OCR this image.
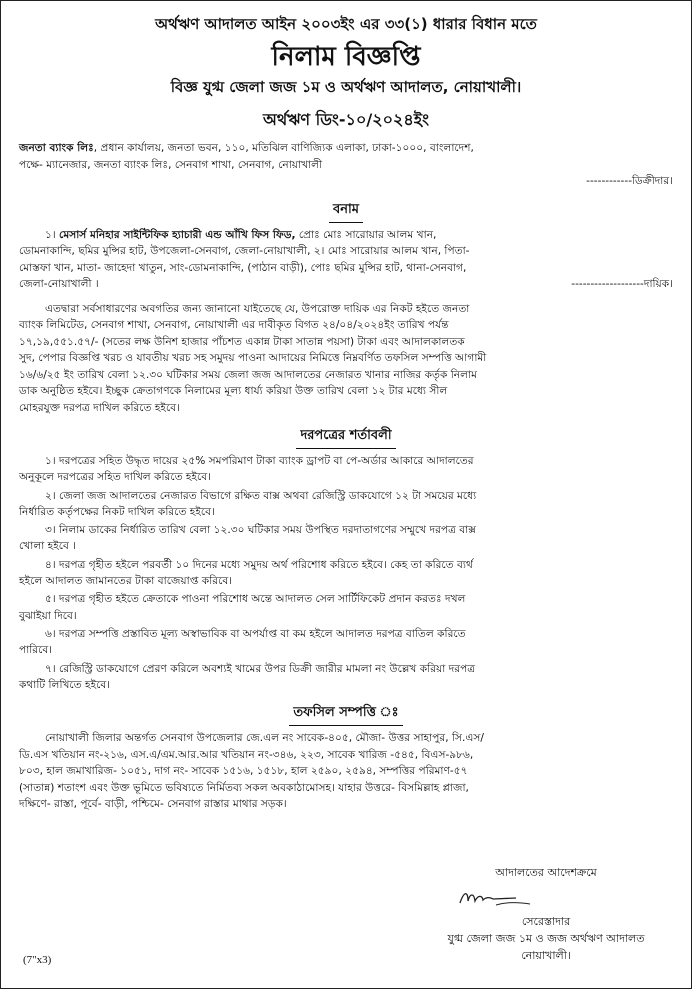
অর্থঋণ আদালত আইন ২০০৩ইং এর ৩৩(১) ধারার বিধান মতে
নিলাম বিজ্ঞপ্তি
বিজ্ঞ যুগ্ম জেলা জজ ১ম ও অর্থঋণ আদালত, নোয়াখালী।
অর্থঋণ ডিং-১০/২০২৪ইং
জনতা ব্যাংক লিঃ, প্রধান কার্যালয়, জনতা ভবন, ১১০, মতিঝিল বাণিজ্যিক এলাকা, ঢাকা-১০০০, বাংলাদেশ,
পক্ষে- ম্যানেজার, জনতা ব্যাংক লিঃ, সেনবাগ শাখা, সেনবাগ, নোয়াখালী
------------ডিক্রীদার।
বনাম
১। মেসার্স মনিহার সাইন্টিফিক হ্যাচারী এন্ড আঁখি ফিস ফিড, প্রোঃ মোঃ সারোয়ার আলম খান,
ডোমনাকান্দি, ছমির মুন্সির হাট, উপজেলা-সেনবাগ, জেলা-নোয়াখালী, ২। মোঃ সারোয়ার আলম খান, পিতা-
মোস্তফা খান, মাতা- জাহেদা খাতুন, সাং-ডোমনাকান্দি, (পাঠান বাড়ী), পোঃ ছমির মুন্সির হাট, থানা-সেনবাগ,
জেলা-নোয়াখালী ।	-------------------দায়িক।
এতদ্বারা সর্বসাধারণের অবগতির জন্য জানানো যাইতেছে যে, উপরোক্ত দায়িক এর নিকট হইতে জনতা
ব্যাংক লিমিটেড, সেনবাগ শাখা, সেনবাগ, নোয়াখালী এর দাবীকৃত বিগত ২৪/০৪/২০২৪ইং তারিখ পর্যন্ত
১৭,১৯,৫৫১.৫৭/- (সতের লক্ষ উনিশ হাজার পাঁচশত একান্ন টাকা সাতান্ন পয়সা) টাকা এবং আদালকালতক
সুদ, পেপার বিজ্ঞপ্তি খরচ ও যাবতীয় খরচ সহ সমুদয় পাওনা আদায়ের নিমিত্তে নিম্নবর্ণিত তফসিল সম্পত্তি আগামী
১৬/৬/২৫ ইং তারিখ বেলা ১২.৩০ ঘটিকার সময় জেলা জজ আদালতের নেজারত খানার নাজির কর্তৃক নিলাম
ডাক অনুষ্ঠিত হইবে। ইচ্ছুক ক্রেতাগণকে নিলামের মূল্য ধার্য্য করিয়া উক্ত তারিখ বেলা ১২ টার মধ্যে সীল
মোহরযুক্ত দরপত্র দাখিল করিতে হইবে।
দরপত্রের শর্তাবলী
১। দরপত্রের সহিত উদ্ধৃত দায়ের ২৫% সমপরিমাণ টাকা ব্যাংক ড্রাপট বা পে-অর্ডার আকারে আদালতের
অনুকূলে দরপত্রের সহিত দাখিল করিতে হইবে।
২। জেলা জজ আদালতের নেজারত বিভাগে রক্ষিত বাক্স অথবা রেজিস্ট্রি ডাকযোগে ১২ টা সময়ের মধ্যে
নির্ধারিত কর্তৃপক্ষের নিকট দাখিল করিতে হইবে।
৩। নিলাম ডাকের নির্ধারিত তারিখ বেলা ১২.৩০ ঘটিকার সময় উপস্থিত দরদাতাগণের সম্মুখে দরপত্র বাক্স
খোলা হইবে ।
৪। দরপত্র গৃহীত হইলে পরবর্তী ১০ দিনের মধ্যে সমুদয় অর্থ পরিশোধ করিতে হইবে। কেহ তা করিতে ব্যর্থ
হইলে আদালত জামানতের টাকা বাজেয়াপ্ত করিবে।
৫। দরপত্র গৃহীত হইতে ক্রেতাকে পাওনা পরিশোধ অন্তে আদালত সেল সার্টিফিকেট প্রদান করতঃ দখল
বুঝাইয়া দিবে।
৬। দরপত্র সম্পত্তি প্রস্তাবিত মূল্য অস্বাভাবিক বা অপর্যাপ্ত বা কম হইলে আদালত দরপত্র বাতিল করিতে
পারিবে।
৭। রেজিস্ট্রি ডাকযোগে প্রেরণ করিলে অবশ্যই খামের উপর ডিক্রী জারীর মামলা নং উল্লেখ করিয়া দরপত্র
কথাটি লিখিতে হইবে।
তফসিল সম্পত্তি ঃ
নোয়াখালী জিলার অন্তর্গত সেনবাগ উপজেলার জে.এল নং সাবেক-৪০৫, মৌজা- উত্তর সাহাপুর, সি.এস/
ডি.এস খতিয়ান নং-২১৬, এস.এ/এম.আর.আর খতিয়ান নং-৩৪৬, ২২৩, সাবেক খারিজ -৫৪৫, বিএস-৯৮৬,
৮০৩, হাল জমাখারিজ- ১০৫১, দাগ নং- সাবেক ১৫১৬, ১৫১৮, হাল ২৫৯০, ২৫৯৪, সম্পত্তির পরিমাণ-৫৭
(সাতান্ন) শতাংশ এবং উক্ত ভূমিতে ভবিষ্যতে নির্মিতব্য সকল অবকাঠামোসহ। যাহার উত্তরে- বিসমিল্লাহ প্লাজা,
দক্ষিণে- রাস্তা, পূর্বে- বাড়ী, পশ্চিমে- সেনবাগ রাস্তার মাথার সড়ক।
আদালতের আদেশক্রমে
সেরেস্তাদার
যুগ্ম জেলা জজ ১ম ও জজ অর্থঋণ আদালত
নোয়াখালী।
(7"x3)
